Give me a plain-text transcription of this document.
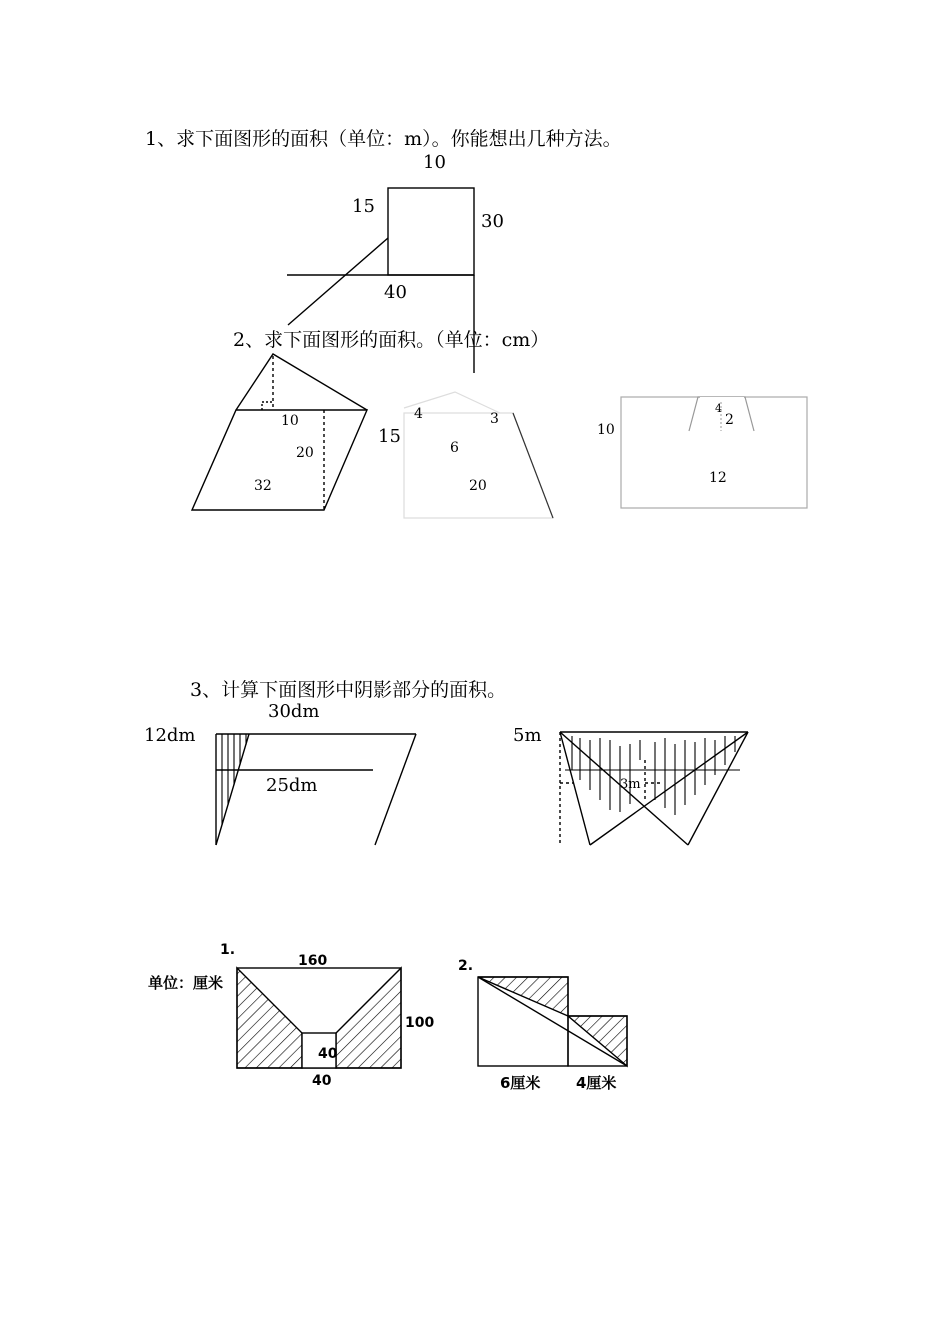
1、求下面图形的面积（单位：m）。你能想出几种方法。
2、求下面图形的面积。（单位：cm）
3、计算下面图形中阴影部分的面积。
10
15
30
40
10
20
32
4	3
15
6
20
10
4
2
12
30dm
12dm
25dm
5m
3m
1.
单位：厘米
160
100
40
40
2.
6厘米 4厘米
